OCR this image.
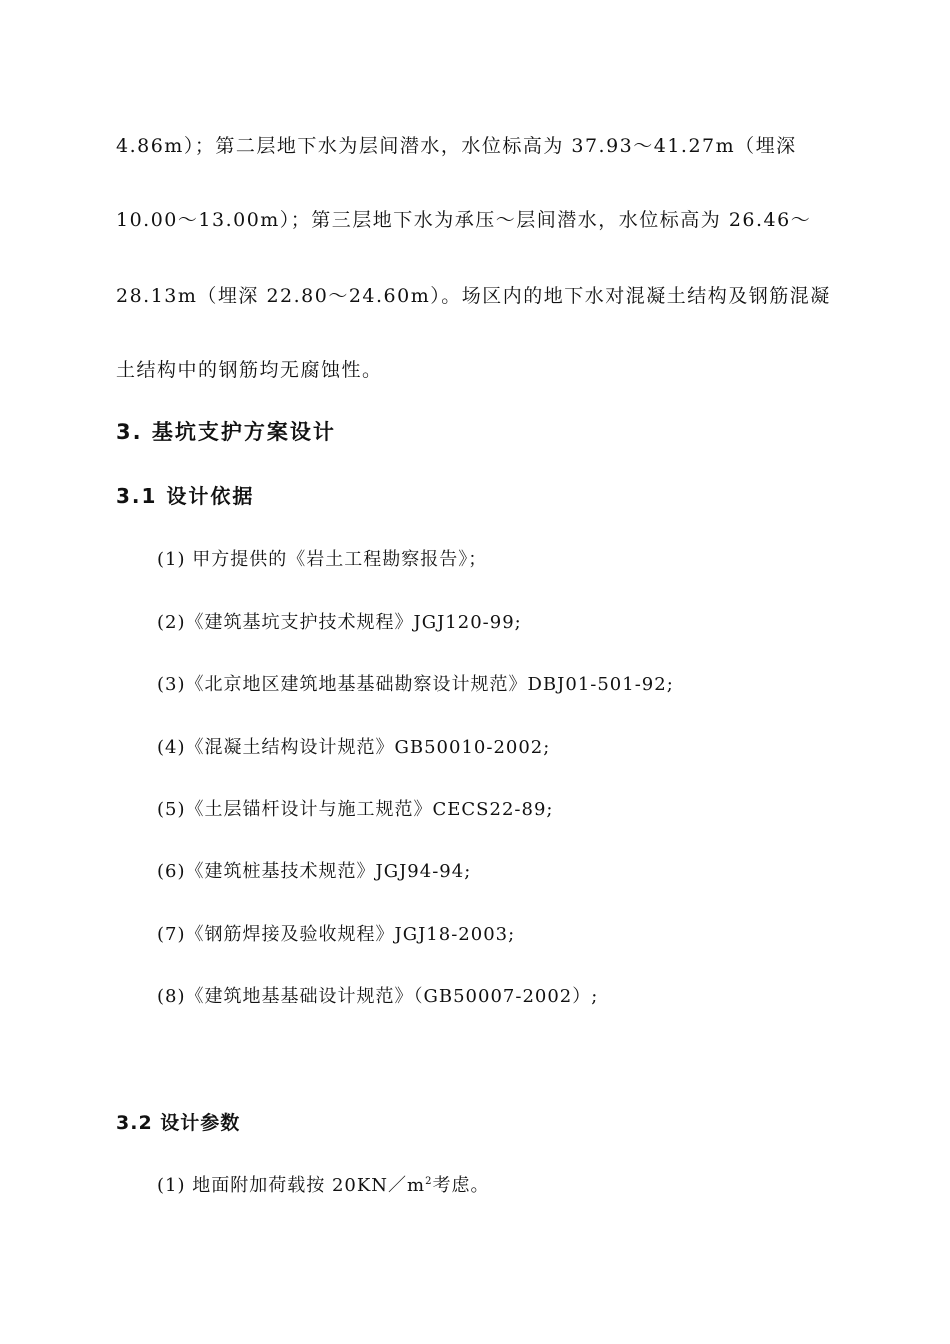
4.86m）；第二层地下水为层间潜水，水位标高为 37.93～41.27m（埋深
10.00～13.00m）；第三层地下水为承压～层间潜水，水位标高为 26.46～
28.13m（埋深 22.80～24.60m）。场区内的地下水对混凝土结构及钢筋混凝
土结构中的钢筋均无腐蚀性。
3. 基坑支护方案设计
3.1 设计依据
(1) 甲方提供的《岩土工程勘察报告》；
(2)《建筑基坑支护技术规程》JGJ120-99;
(3)《北京地区建筑地基基础勘察设计规范》DBJ01-501-92;
(4)《混凝土结构设计规范》GB50010-2002;
(5)《土层锚杆设计与施工规范》CECS22-89;
(6)《建筑桩基技术规范》JGJ94-94;
(7)《钢筋焊接及验收规程》JGJ18-2003;
(8)《建筑地基基础设计规范》（GB50007-2002）;
3.2 设计参数
(1) 地面附加荷载按 $20KN/m^2$考虑。
